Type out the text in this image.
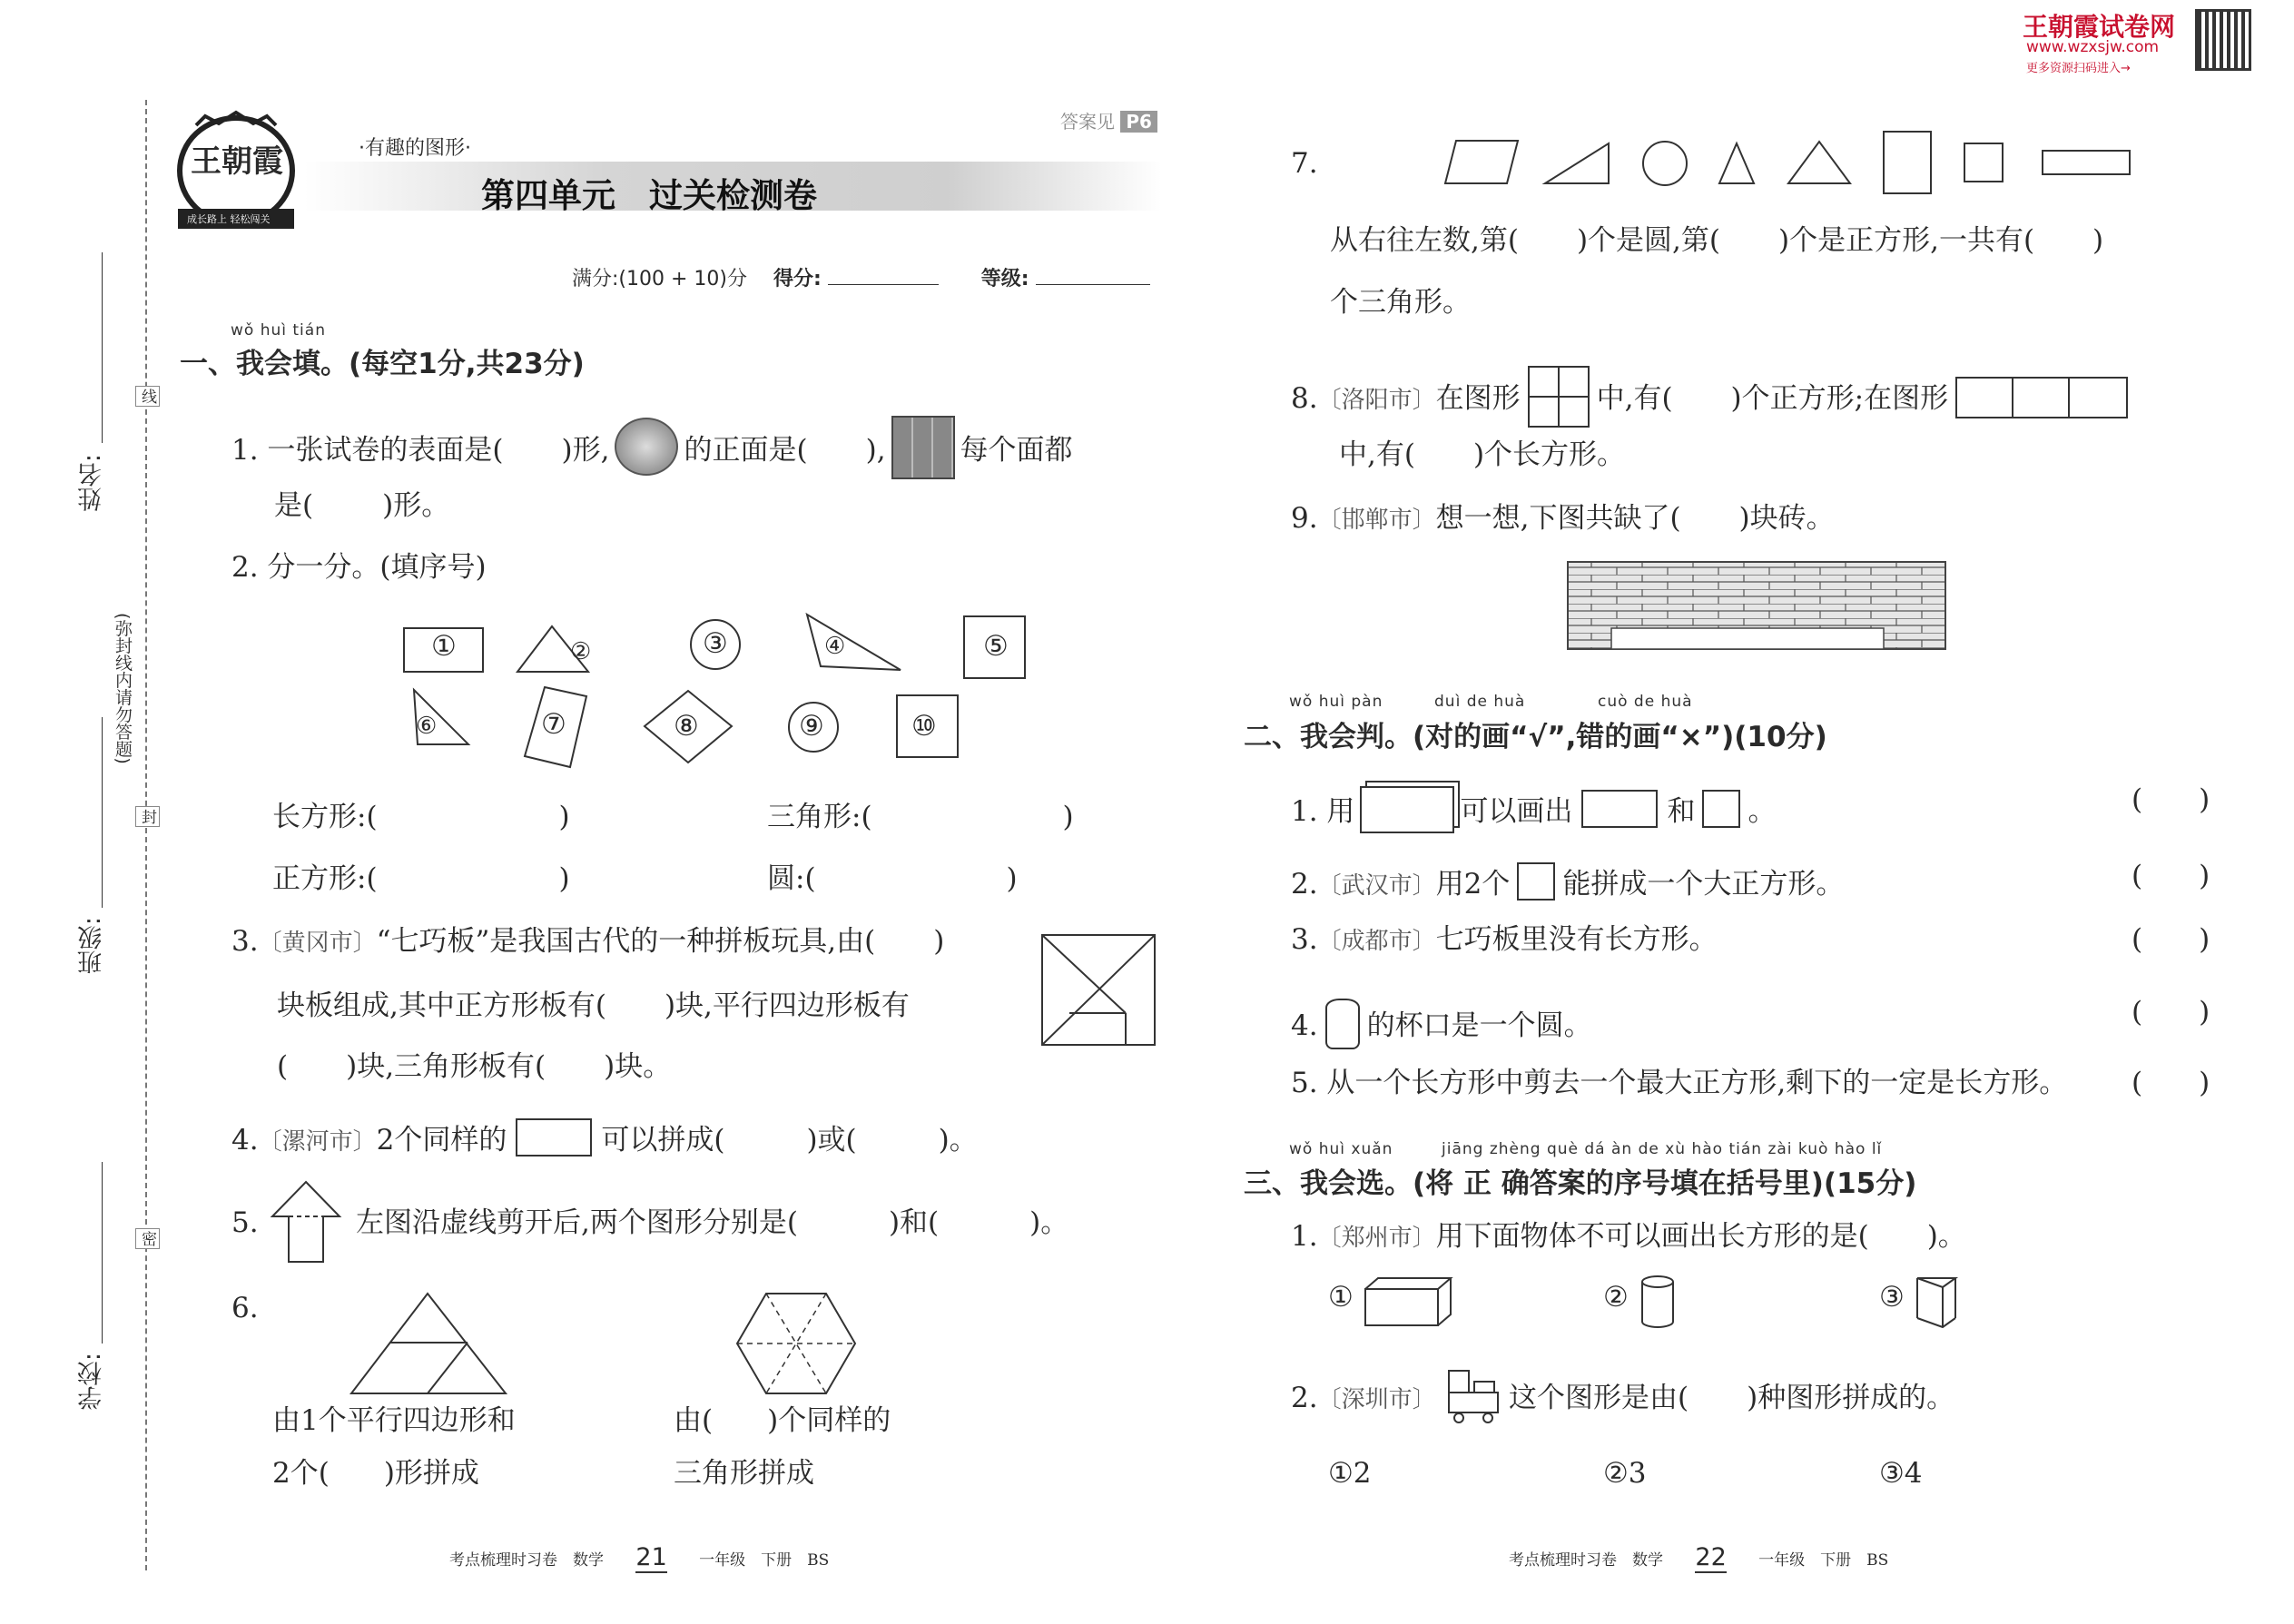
王朝霞试卷网
www.wzxsjw.com
更多资源扫码进入→
姓名:
班级:
学校:
(弥封线内请勿答题)
线
封
密
王朝霞
成长路上 轻松闯关
·有趣的图形·
答案见 P6
第四单元　过关检测卷
满分:(100 + 10)分 得分:	等级:
wǒ huì tián
一、我会填。(每空1分,共23分)
1. 一张试卷的表面是( )形,	的正面是( ),	每个面都
是( )形。
2. 分一分。(填序号)
①	②	③	④	⑤
⑥	⑦	⑧	⑨	⑩
长方形:(	)	三角形:(	)
正方形:(	)	圆:(	)
3.〔黄冈市〕“七巧板”是我国古代的一种拼板玩具,由( )
块板组成,其中正方形板有( )块,平行四边形板有
( )块,三角形板有( )块。
4.〔漯河市〕2个同样的	可以拼成(	)或(	)。
5.	左图沿虚线剪开后,两个图形分别是(	)和(	)。
6.
由1个平行四边形和
2个( )形拼成
由( )个同样的
三角形拼成
考点梳理时习卷　数学 21 一年级　下册　BS
7.
从右往左数,第( )个是圆,第( )个是正方形,一共有( )
个三角形。
8.〔洛阳市〕在图形	中,有( )个正方形;在图形
中,有( )个长方形。
9.〔邯郸市〕想一想,下图共缺了( )块砖。
wǒ huì pàn	duì de huà	cuò de huà
二、我会判。(对的画“√”,错的画“×”)(10分)
1. 用	可以画出	和 。	(　　)
2.〔武汉市〕用2个 能拼成一个大正方形。	(　　)
3.〔成都市〕七巧板里没有长方形。	(　　)
4. 的杯口是一个圆。	(　　)
5. 从一个长方形中剪去一个最大正方形,剩下的一定是长方形。 (　　)
wǒ huì xuǎn	jiāng zhèng què dá àn de xù hào tián zài kuò hào lǐ
三、我会选。(将 正 确答案的序号填在括号里)(15分)
1.〔郑州市〕用下面物体不可以画出长方形的是( )。
①	②	③
2.〔深圳市〕	这个图形是由( )种图形拼成的。
①2	②3	③4
考点梳理时习卷　数学 22 一年级　下册　BS
